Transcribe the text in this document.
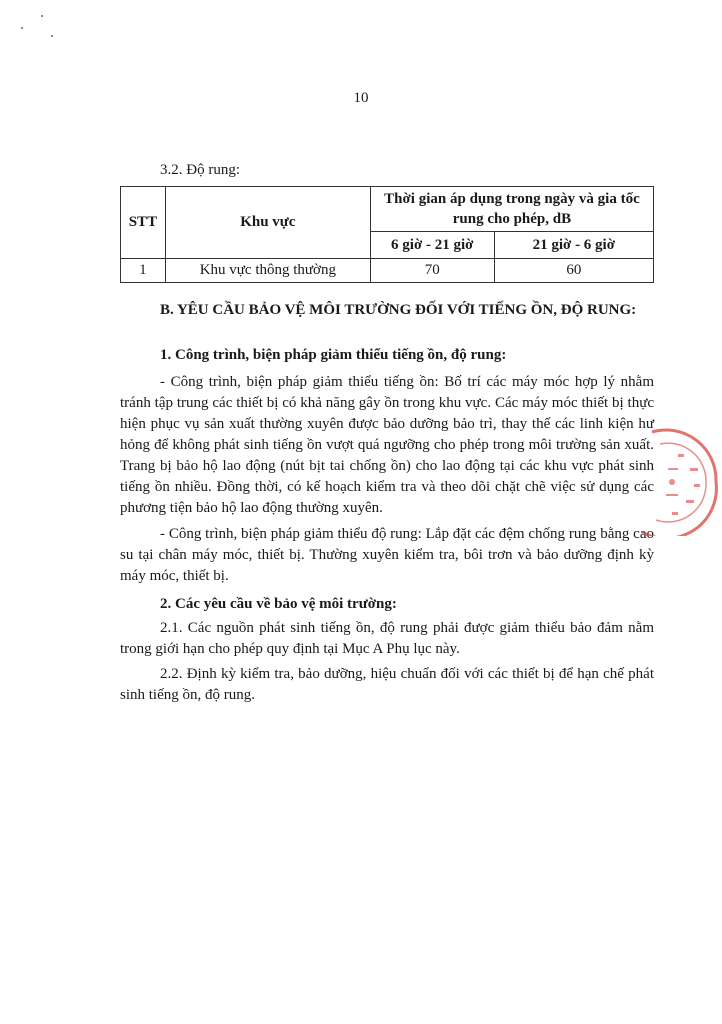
10
3.2. Độ rung:
STT	Khu vực	Thời gian áp dụng trong ngày và gia tốc rung cho phép, dB	
		6 giờ - 21 giờ	21 giờ - 6 giờ
1	Khu vực thông thường	70	60

B. YÊU CẦU BẢO VỆ MÔI TRƯỜNG ĐỐI VỚI TIẾNG ỒN, ĐỘ RUNG:

1. Công trình, biện pháp giảm thiểu tiếng ồn, độ rung:

- Công trình, biện pháp giảm thiểu tiếng ồn: Bố trí các máy móc hợp lý nhằm tránh tập trung các thiết bị có khả năng gây ồn trong khu vực. Các máy móc thiết bị thực hiện phục vụ sản xuất thường xuyên được bảo dưỡng bảo trì, thay thế các linh kiện hư hỏng để không phát sinh tiếng ồn vượt quá ngưỡng cho phép trong môi trường sản xuất. Trang bị bảo hộ lao động (nút bịt tai chống ồn) cho lao động tại các khu vực phát sinh tiếng ồn nhiều. Đồng thời, có kế hoạch kiểm tra và theo dõi chặt chẽ việc sử dụng các phương tiện bảo hộ lao động thường xuyên.

- Công trình, biện pháp giảm thiểu độ rung: Lắp đặt các đệm chống rung bằng cao su tại chân máy móc, thiết bị. Thường xuyên kiểm tra, bôi trơn và bảo dưỡng định kỳ máy móc, thiết bị.

2. Các yêu cầu về bảo vệ môi trường:

2.1. Các nguồn phát sinh tiếng ồn, độ rung phải được giảm thiểu bảo đảm nằm trong giới hạn cho phép quy định tại Mục A Phụ lục này.

2.2. Định kỳ kiểm tra, bảo dưỡng, hiệu chuẩn đối với các thiết bị để hạn chế phát sinh tiếng ồn, độ rung.
